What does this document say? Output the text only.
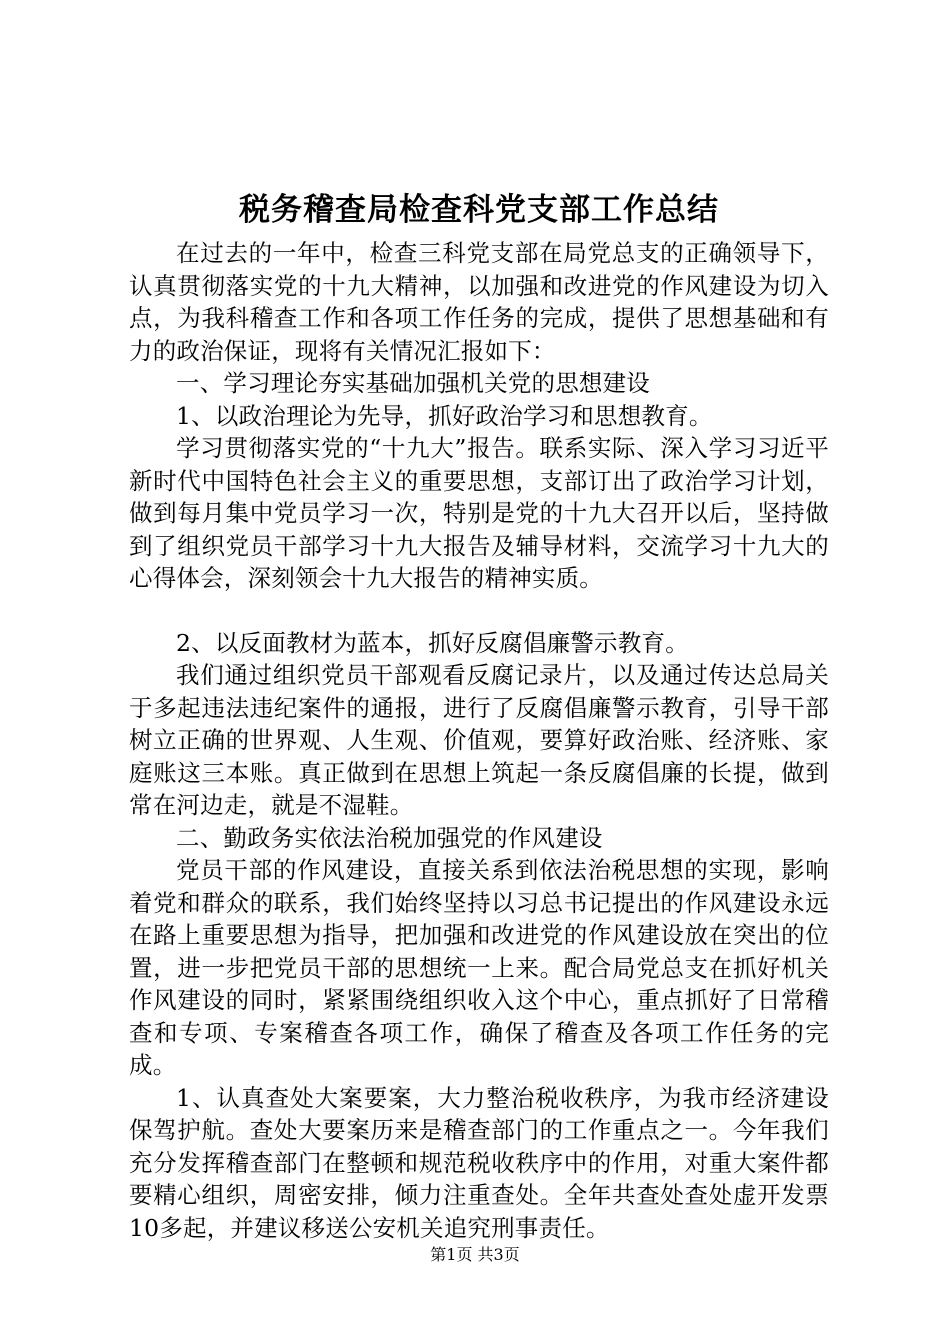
税务稽查局检查科党支部工作总结

在过去的一年中，检查三科党支部在局党总支的正确领导下，认真贯彻落实党的十九大精神，以加强和改进党的作风建设为切入点，为我科稽查工作和各项工作任务的完成，提供了思想基础和有力的政治保证，现将有关情况汇报如下：

一、学习理论夯实基础加强机关党的思想建设

1、以政治理论为先导，抓好政治学习和思想教育。

学习贯彻落实党的“十九大”报告。联系实际、深入学习习近平新时代中国特色社会主义的重要思想，支部订出了政治学习计划，做到每月集中党员学习一次，特别是党的十九大召开以后，坚持做到了组织党员干部学习十九大报告及辅导材料，交流学习十九大的心得体会，深刻领会十九大报告的精神实质。

2、以反面教材为蓝本，抓好反腐倡廉警示教育。

我们通过组织党员干部观看反腐记录片，以及通过传达总局关于多起违法违纪案件的通报，进行了反腐倡廉警示教育，引导干部树立正确的世界观、人生观、价值观，要算好政治账、经济账、家庭账这三本账。真正做到在思想上筑起一条反腐倡廉的长提，做到常在河边走，就是不湿鞋。

二、勤政务实依法治税加强党的作风建设

党员干部的作风建设，直接关系到依法治税思想的实现，影响着党和群众的联系，我们始终坚持以习总书记提出的作风建设永远在路上重要思想为指导，把加强和改进党的作风建设放在突出的位置，进一步把党员干部的思想统一上来。配合局党总支在抓好机关作风建设的同时，紧紧围绕组织收入这个中心，重点抓好了日常稽查和专项、专案稽查各项工作，确保了稽查及各项工作任务的完成。

1、认真查处大案要案，大力整治税收秩序，为我市经济建设保驾护航。查处大要案历来是稽查部门的工作重点之一。今年我们充分发挥稽查部门在整顿和规范税收秩序中的作用，对重大案件都要精心组织，周密安排，倾力注重查处。全年共查处查处虚开发票10多起，并建议移送公安机关追究刑事责任。

第1页 共3页
